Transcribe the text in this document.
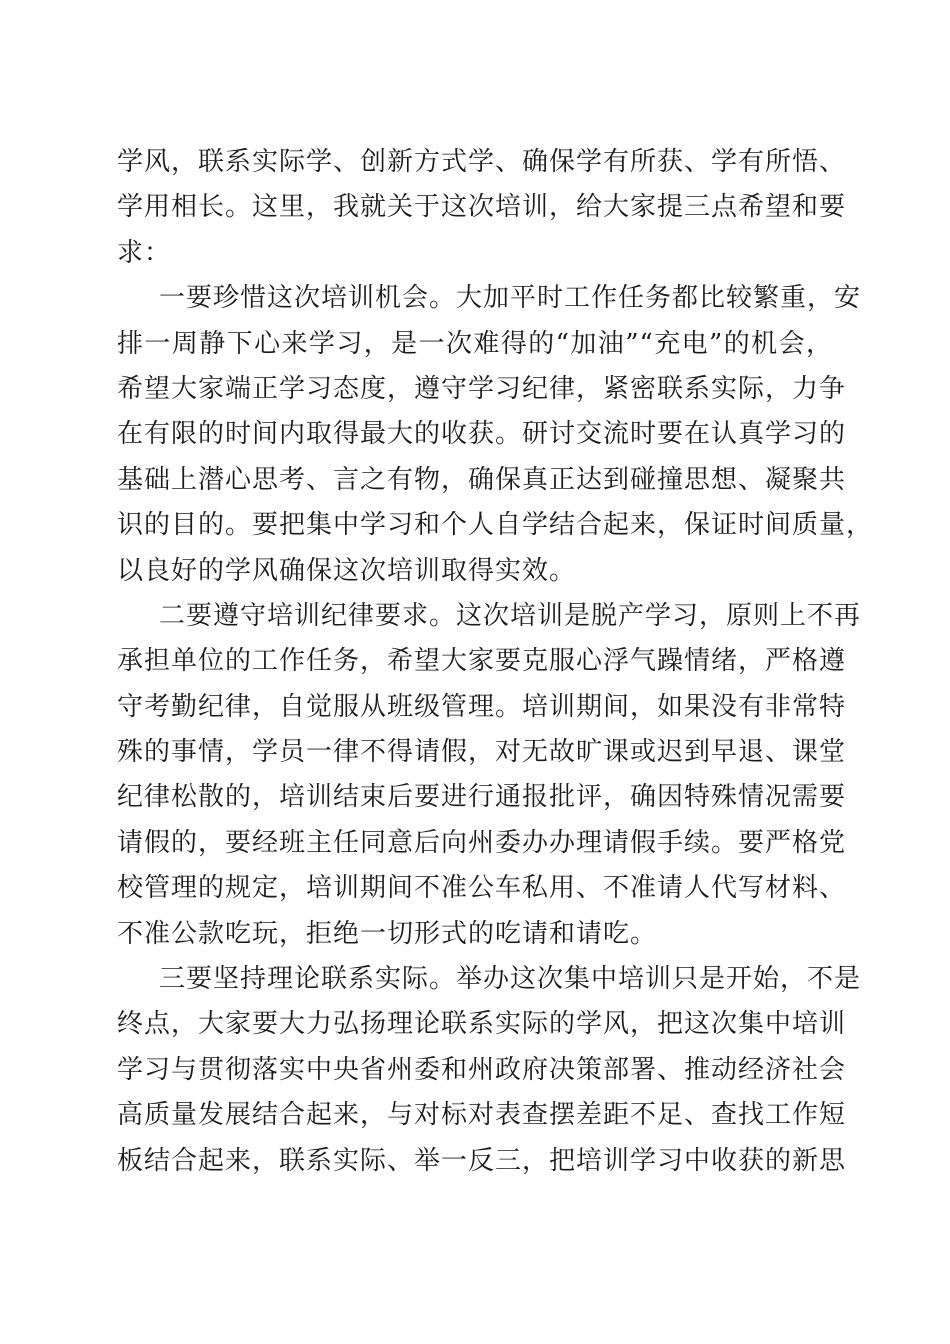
学风，联系实际学、创新方式学、确保学有所获、学有所悟、
学用相长。这里，我就关于这次培训，给大家提三点希望和要
求：
一要珍惜这次培训机会。大加平时工作任务都比较繁重，安
排一周静下心来学习，是一次难得的“加油”“充电”的机会，
希望大家端正学习态度，遵守学习纪律，紧密联系实际，力争
在有限的时间内取得最大的收获。研讨交流时要在认真学习的
基础上潜心思考、言之有物，确保真正达到碰撞思想、凝聚共
识的目的。要把集中学习和个人自学结合起来，保证时间质量，
以良好的学风确保这次培训取得实效。
二要遵守培训纪律要求。这次培训是脱产学习，原则上不再
承担单位的工作任务，希望大家要克服心浮气躁情绪，严格遵
守考勤纪律，自觉服从班级管理。培训期间，如果没有非常特
殊的事情，学员一律不得请假，对无故旷课或迟到早退、课堂
纪律松散的，培训结束后要进行通报批评，确因特殊情况需要
请假的，要经班主任同意后向州委办办理请假手续。要严格党
校管理的规定，培训期间不准公车私用、不准请人代写材料、
不准公款吃玩，拒绝一切形式的吃请和请吃。
三要坚持理论联系实际。举办这次集中培训只是开始，不是
终点，大家要大力弘扬理论联系实际的学风，把这次集中培训
学习与贯彻落实中央省州委和州政府决策部署、推动经济社会
高质量发展结合起来，与对标对表查摆差距不足、查找工作短
板结合起来，联系实际、举一反三，把培训学习中收获的新思
